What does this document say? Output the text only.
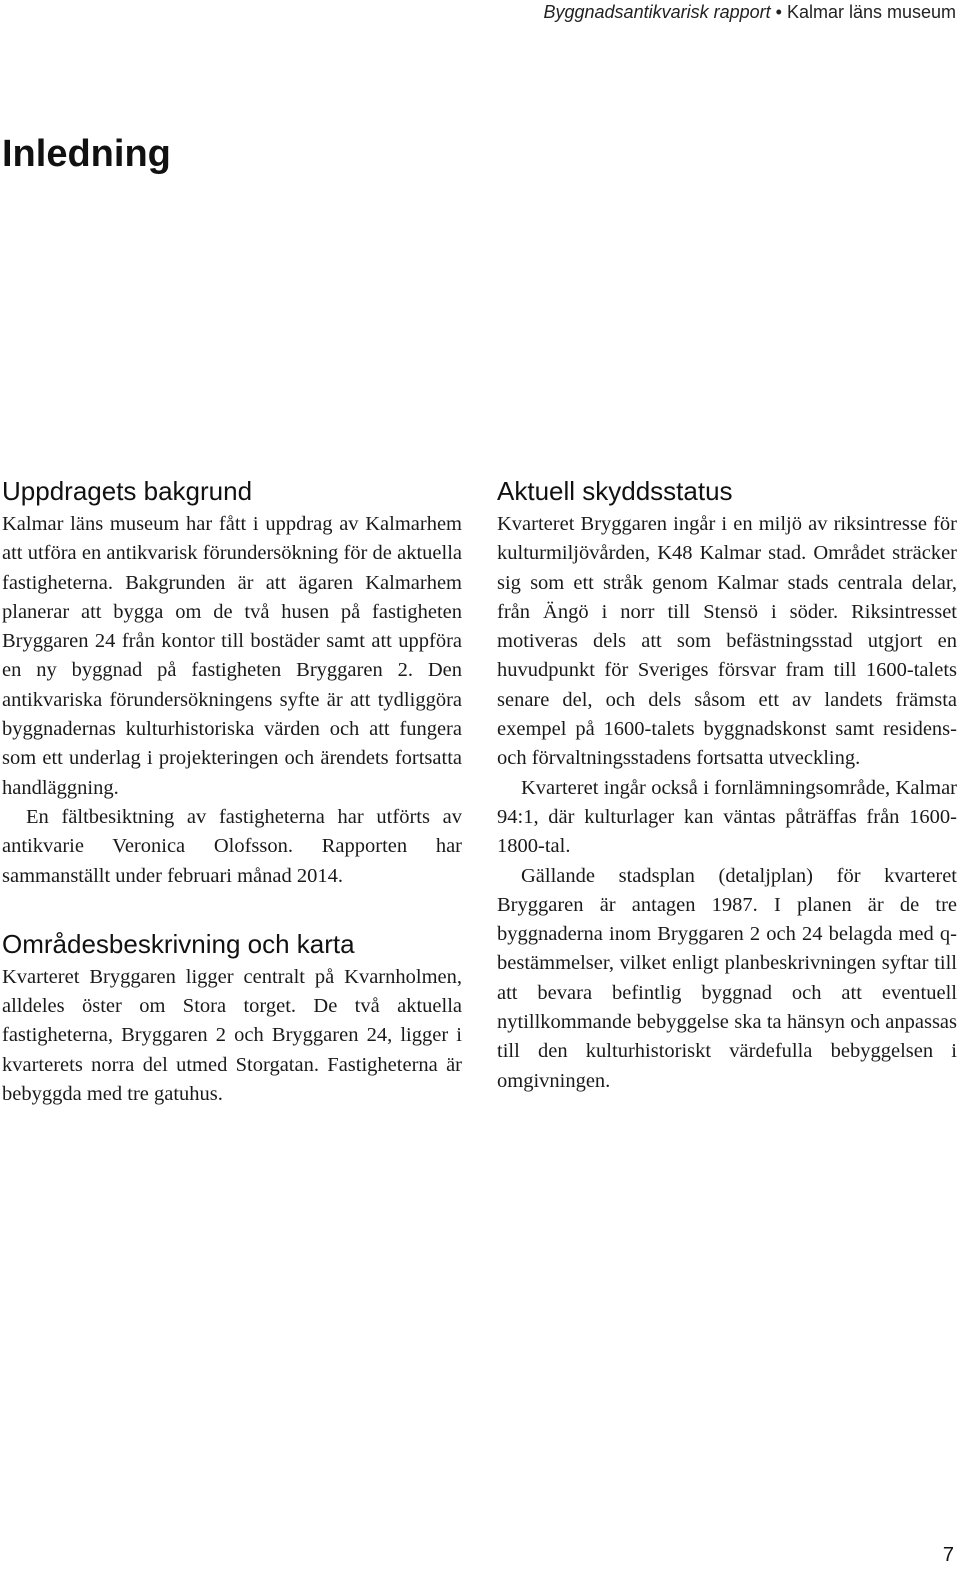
Byggnadsantikvarisk rapport • Kalmar läns museum
Inledning
Uppdragets bakgrund

Kalmar läns museum har fått i uppdrag av Kalmarhem att utföra en antikvarisk förundersökning för de aktuella fastigheterna. Bakgrunden är att ägaren Kalmarhem planerar att bygga om de två husen på fastigheten Bryggaren 24 från kontor till bostäder samt att uppföra en ny byggnad på fastigheten Bryggaren 2. Den antikvariska förundersökningens syfte är att tydliggöra byggnadernas kulturhistoriska värden och att fungera som ett underlag i projekteringen och ärendets fortsatta handläggning.

En fältbesiktning av fastigheterna har utförts av antikvarie Veronica Olofsson. Rapporten har sammanställt under februari månad 2014.

Områdesbeskrivning och karta

Kvarteret Bryggaren ligger centralt på Kvarnholmen, alldeles öster om Stora torget. De två aktuella fastigheterna, Bryggaren 2 och Bryggaren 24, ligger i kvarterets norra del utmed Storgatan. Fastigheterna är bebyggda med tre gatuhus.

Aktuell skyddsstatus

Kvarteret Bryggaren ingår i en miljö av riksintresse för kulturmiljövården, K48 Kalmar stad. Området sträcker sig som ett stråk genom Kalmar stads centrala delar, från Ängö i norr till Stensö i söder. Riksintresset motiveras dels att som befästningsstad utgjort en huvudpunkt för Sveriges försvar fram till 1600-talets senare del, och dels såsom ett av landets främsta exempel på 1600-talets byggnadskonst samt residens- och förvaltningsstadens fortsatta utveckling.

Kvarteret ingår också i fornlämningsområde, Kalmar 94:1, där kulturlager kan väntas påträffas från 1600-1800-tal.

Gällande stadsplan (detaljplan) för kvarteret Bryggaren är antagen 1987. I planen är de tre byggnaderna inom Bryggaren 2 och 24 belagda med q-bestämmelser, vilket enligt planbeskrivningen syftar till att bevara befintlig byggnad och att eventuell nytillkommande bebyggelse ska ta hänsyn och anpassas till den kulturhistoriskt värdefulla bebyggelsen i omgivningen.

7
